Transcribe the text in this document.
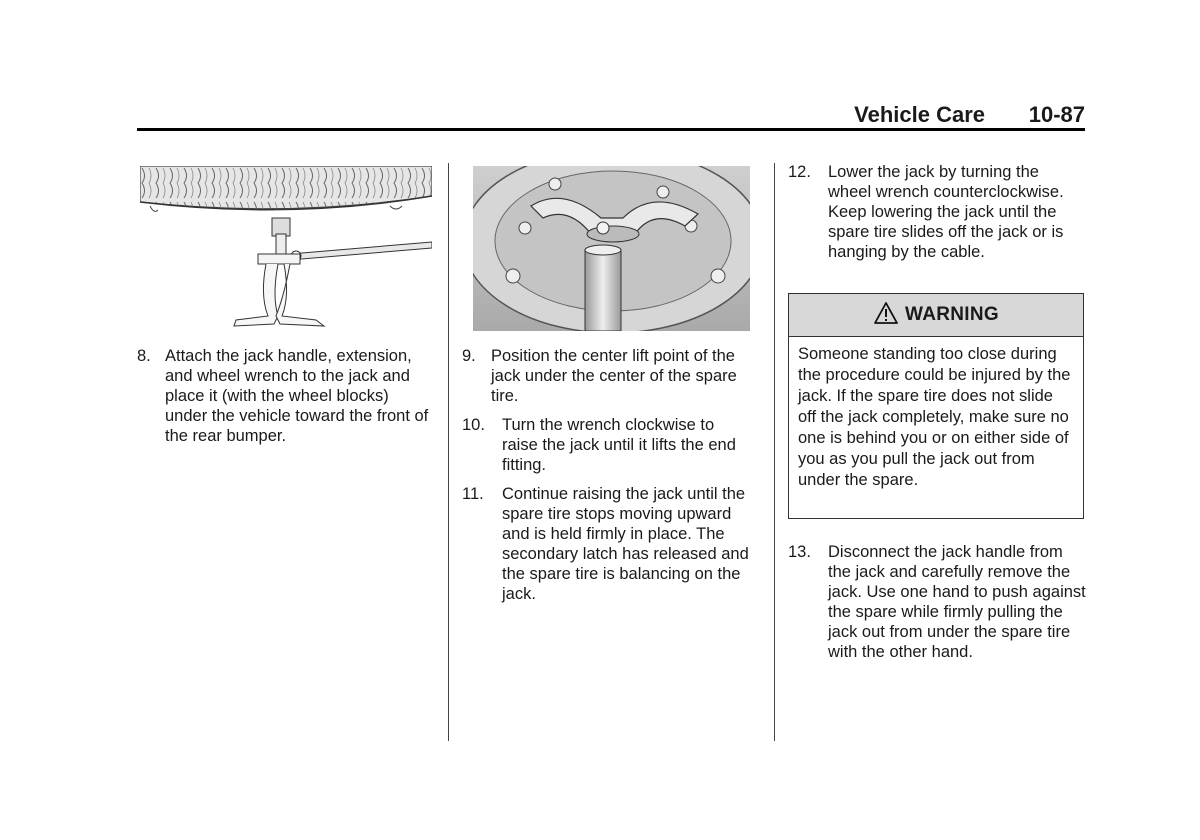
Vehicle Care 10-87
8. Attach the jack handle, extension, and wheel wrench to the jack and place it (with the wheel blocks) under the vehicle toward the front of the rear bumper.
9. Position the center lift point of the jack under the center of the spare tire.
10. Turn the wrench clockwise to raise the jack until it lifts the end fitting.
11. Continue raising the jack until the spare tire stops moving upward and is held firmly in place. The secondary latch has released and the spare tire is balancing on the jack.
12. Lower the jack by turning the wheel wrench counterclockwise. Keep lowering the jack until the spare tire slides off the jack or is hanging by the cable.
WARNING
Someone standing too close during the procedure could be injured by the jack. If the spare tire does not slide off the jack completely, make sure no one is behind you or on either side of you as you pull the jack out from under the spare.
13. Disconnect the jack handle from the jack and carefully remove the jack. Use one hand to push against the spare while firmly pulling the jack out from under the spare tire with the other hand.
